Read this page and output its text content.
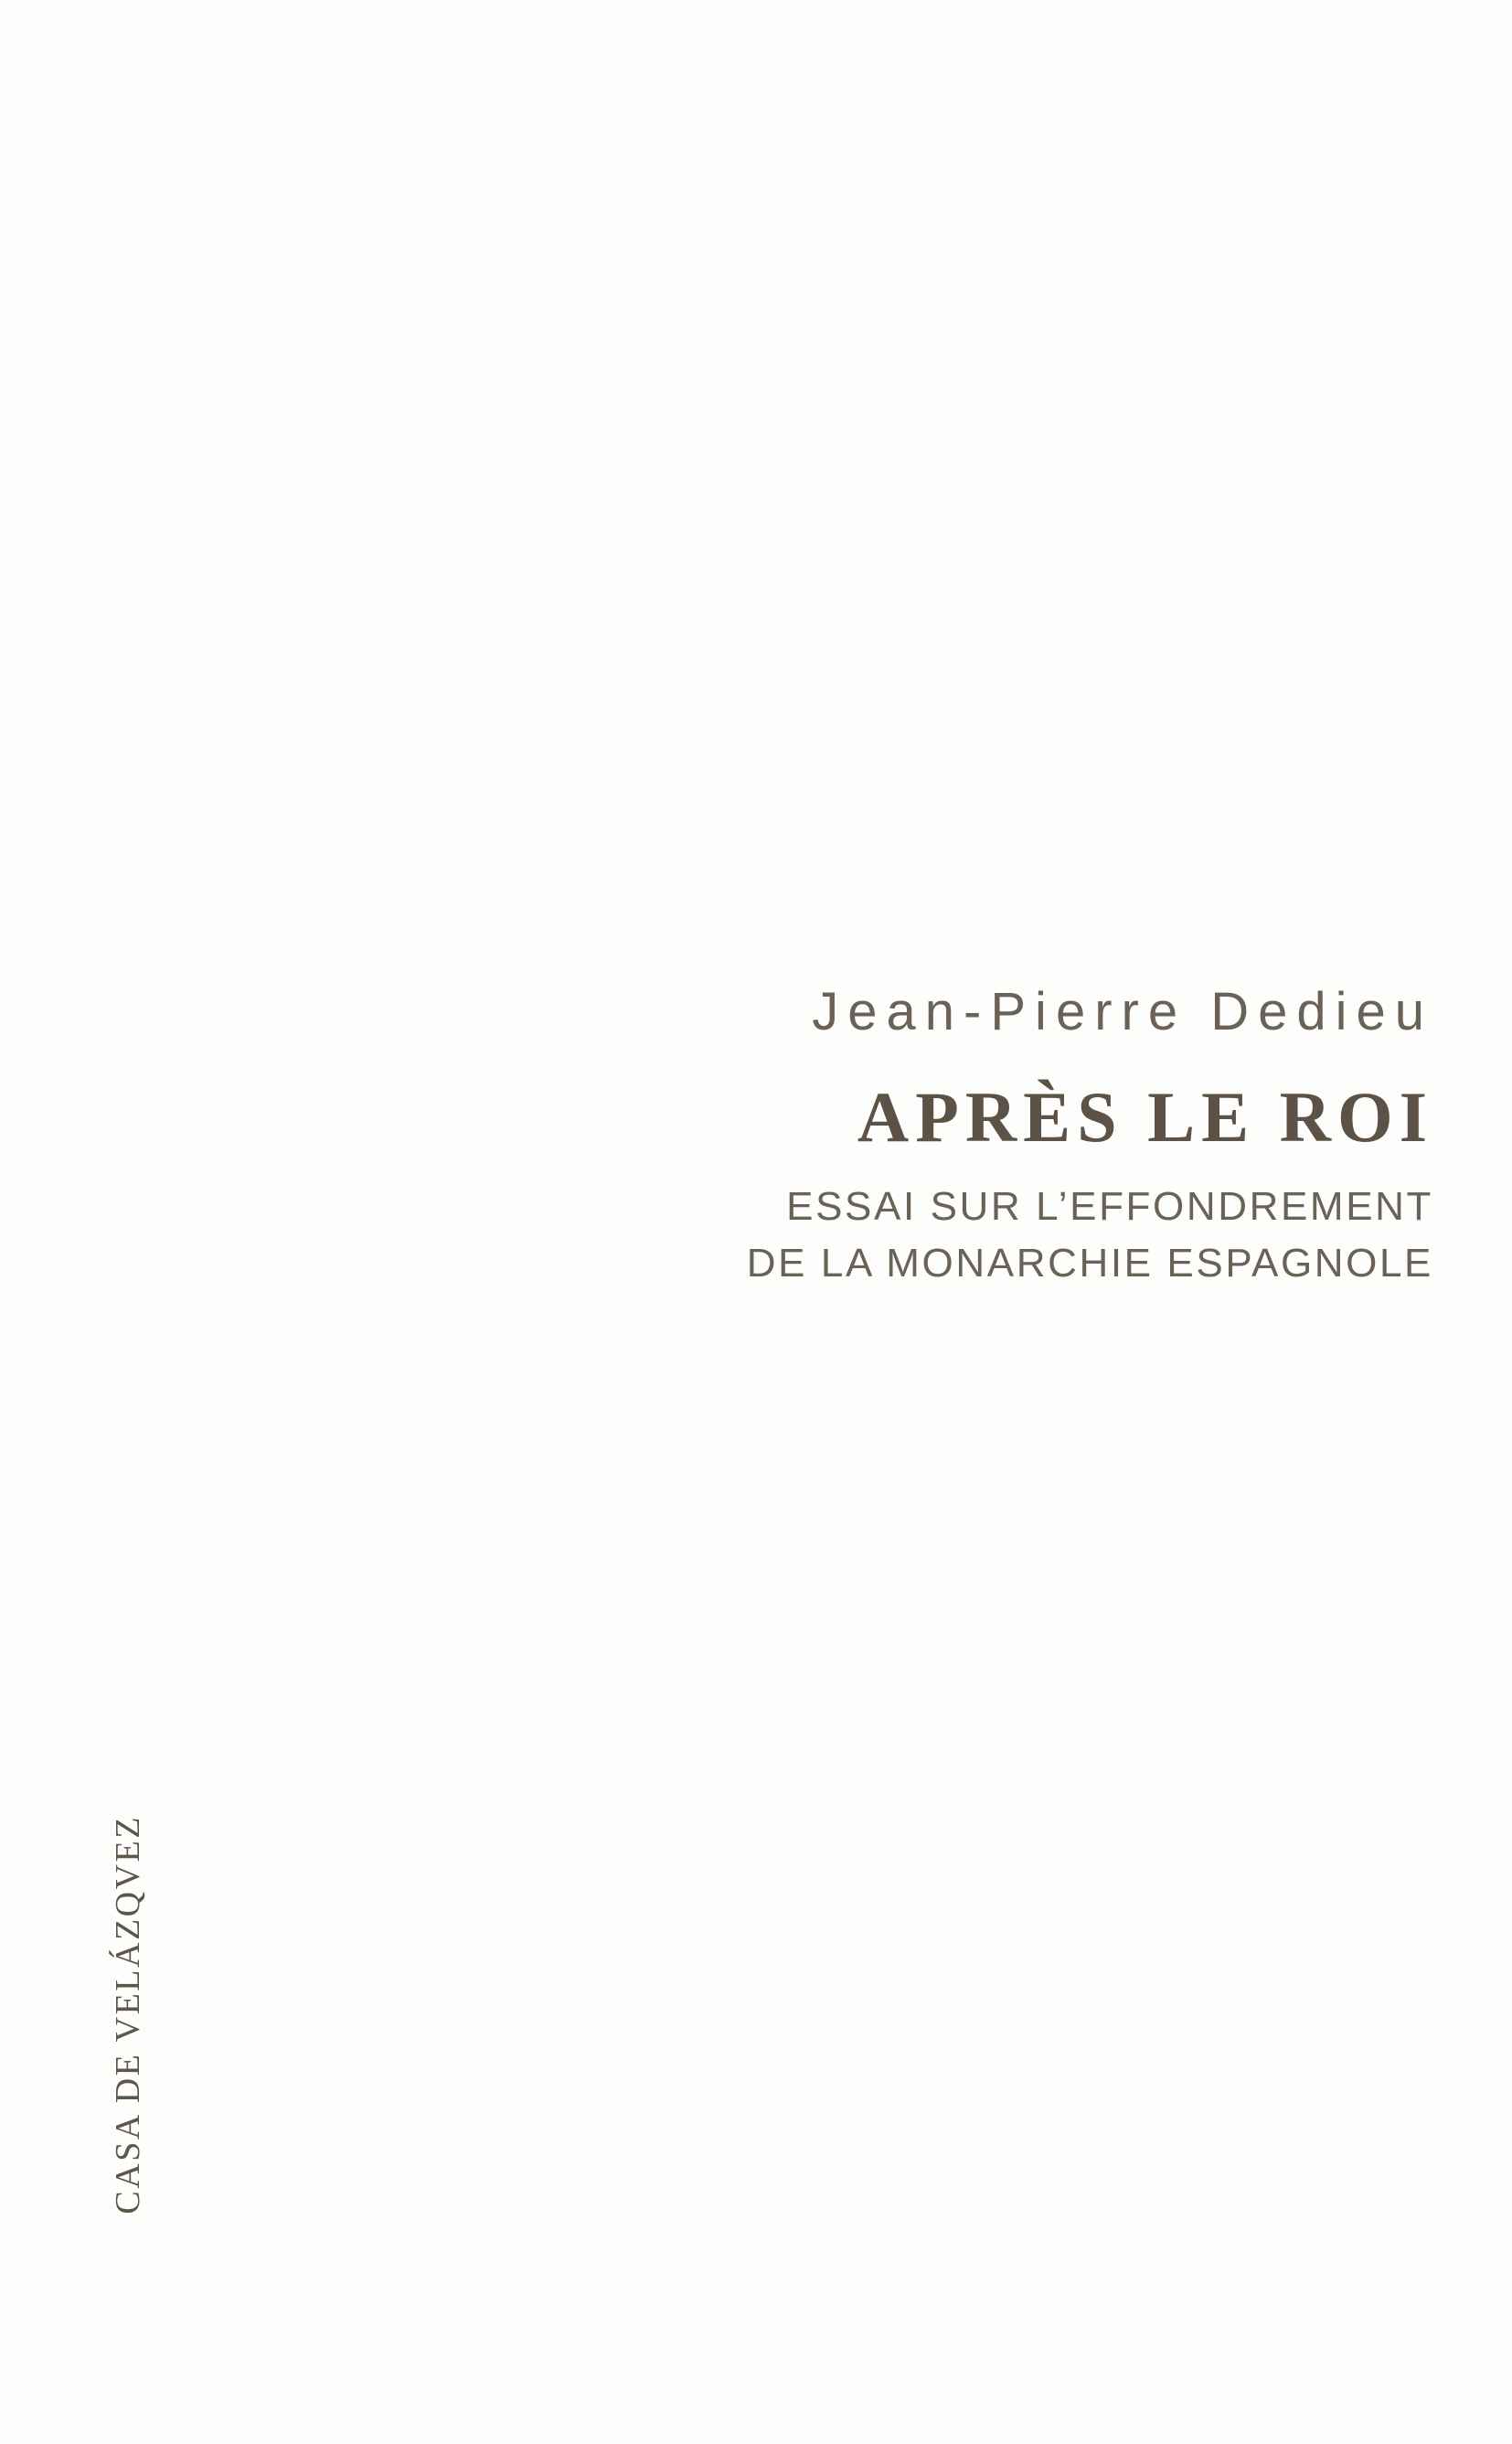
Jean-Pierre Dedieu
APRÈS LE ROI
ESSAI SUR L’EFFONDREMENT
DE LA MONARCHIE ESPAGNOLE
CASA DE VELÁZQVEZ
